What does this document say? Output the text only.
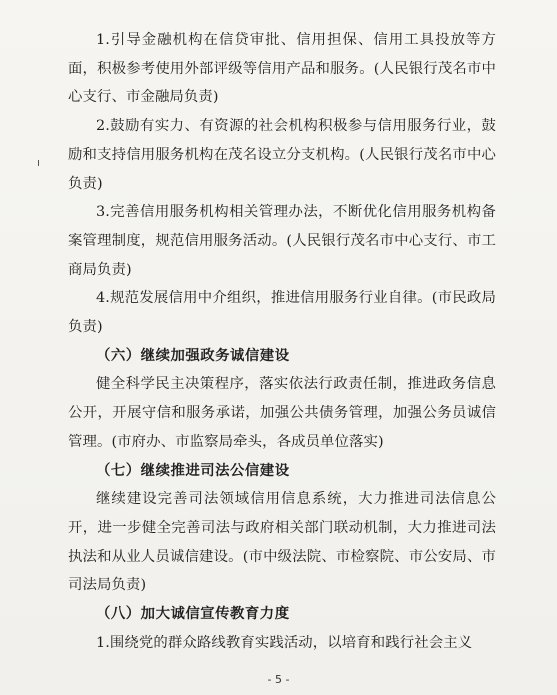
1.引导金融机构在信贷审批、信用担保、信用工具投放等方面，积极参考使用外部评级等信用产品和服务。(人民银行茂名市中心支行、市金融局负责)

2.鼓励有实力、有资源的社会机构积极参与信用服务行业，鼓励和支持信用服务机构在茂名设立分支机构。(人民银行茂名市中心负责)

3.完善信用服务机构相关管理办法，不断优化信用服务机构备案管理制度，规范信用服务活动。(人民银行茂名市中心支行、市工商局负责)

4.规范发展信用中介组织，推进信用服务行业自律。(市民政局负责)

（六）继续加强政务诚信建设

健全科学民主决策程序，落实依法行政责任制，推进政务信息公开，开展守信和服务承诺，加强公共债务管理，加强公务员诚信管理。(市府办、市监察局牵头，各成员单位落实)

（七）继续推进司法公信建设

继续建设完善司法领域信用信息系统，大力推进司法信息公开，进一步健全完善司法与政府相关部门联动机制，大力推进司法执法和从业人员诚信建设。(市中级法院、市检察院、市公安局、市司法局负责)

（八）加大诚信宣传教育力度

1.围绕党的群众路线教育实践活动，以培育和践行社会主义

- 5 -
